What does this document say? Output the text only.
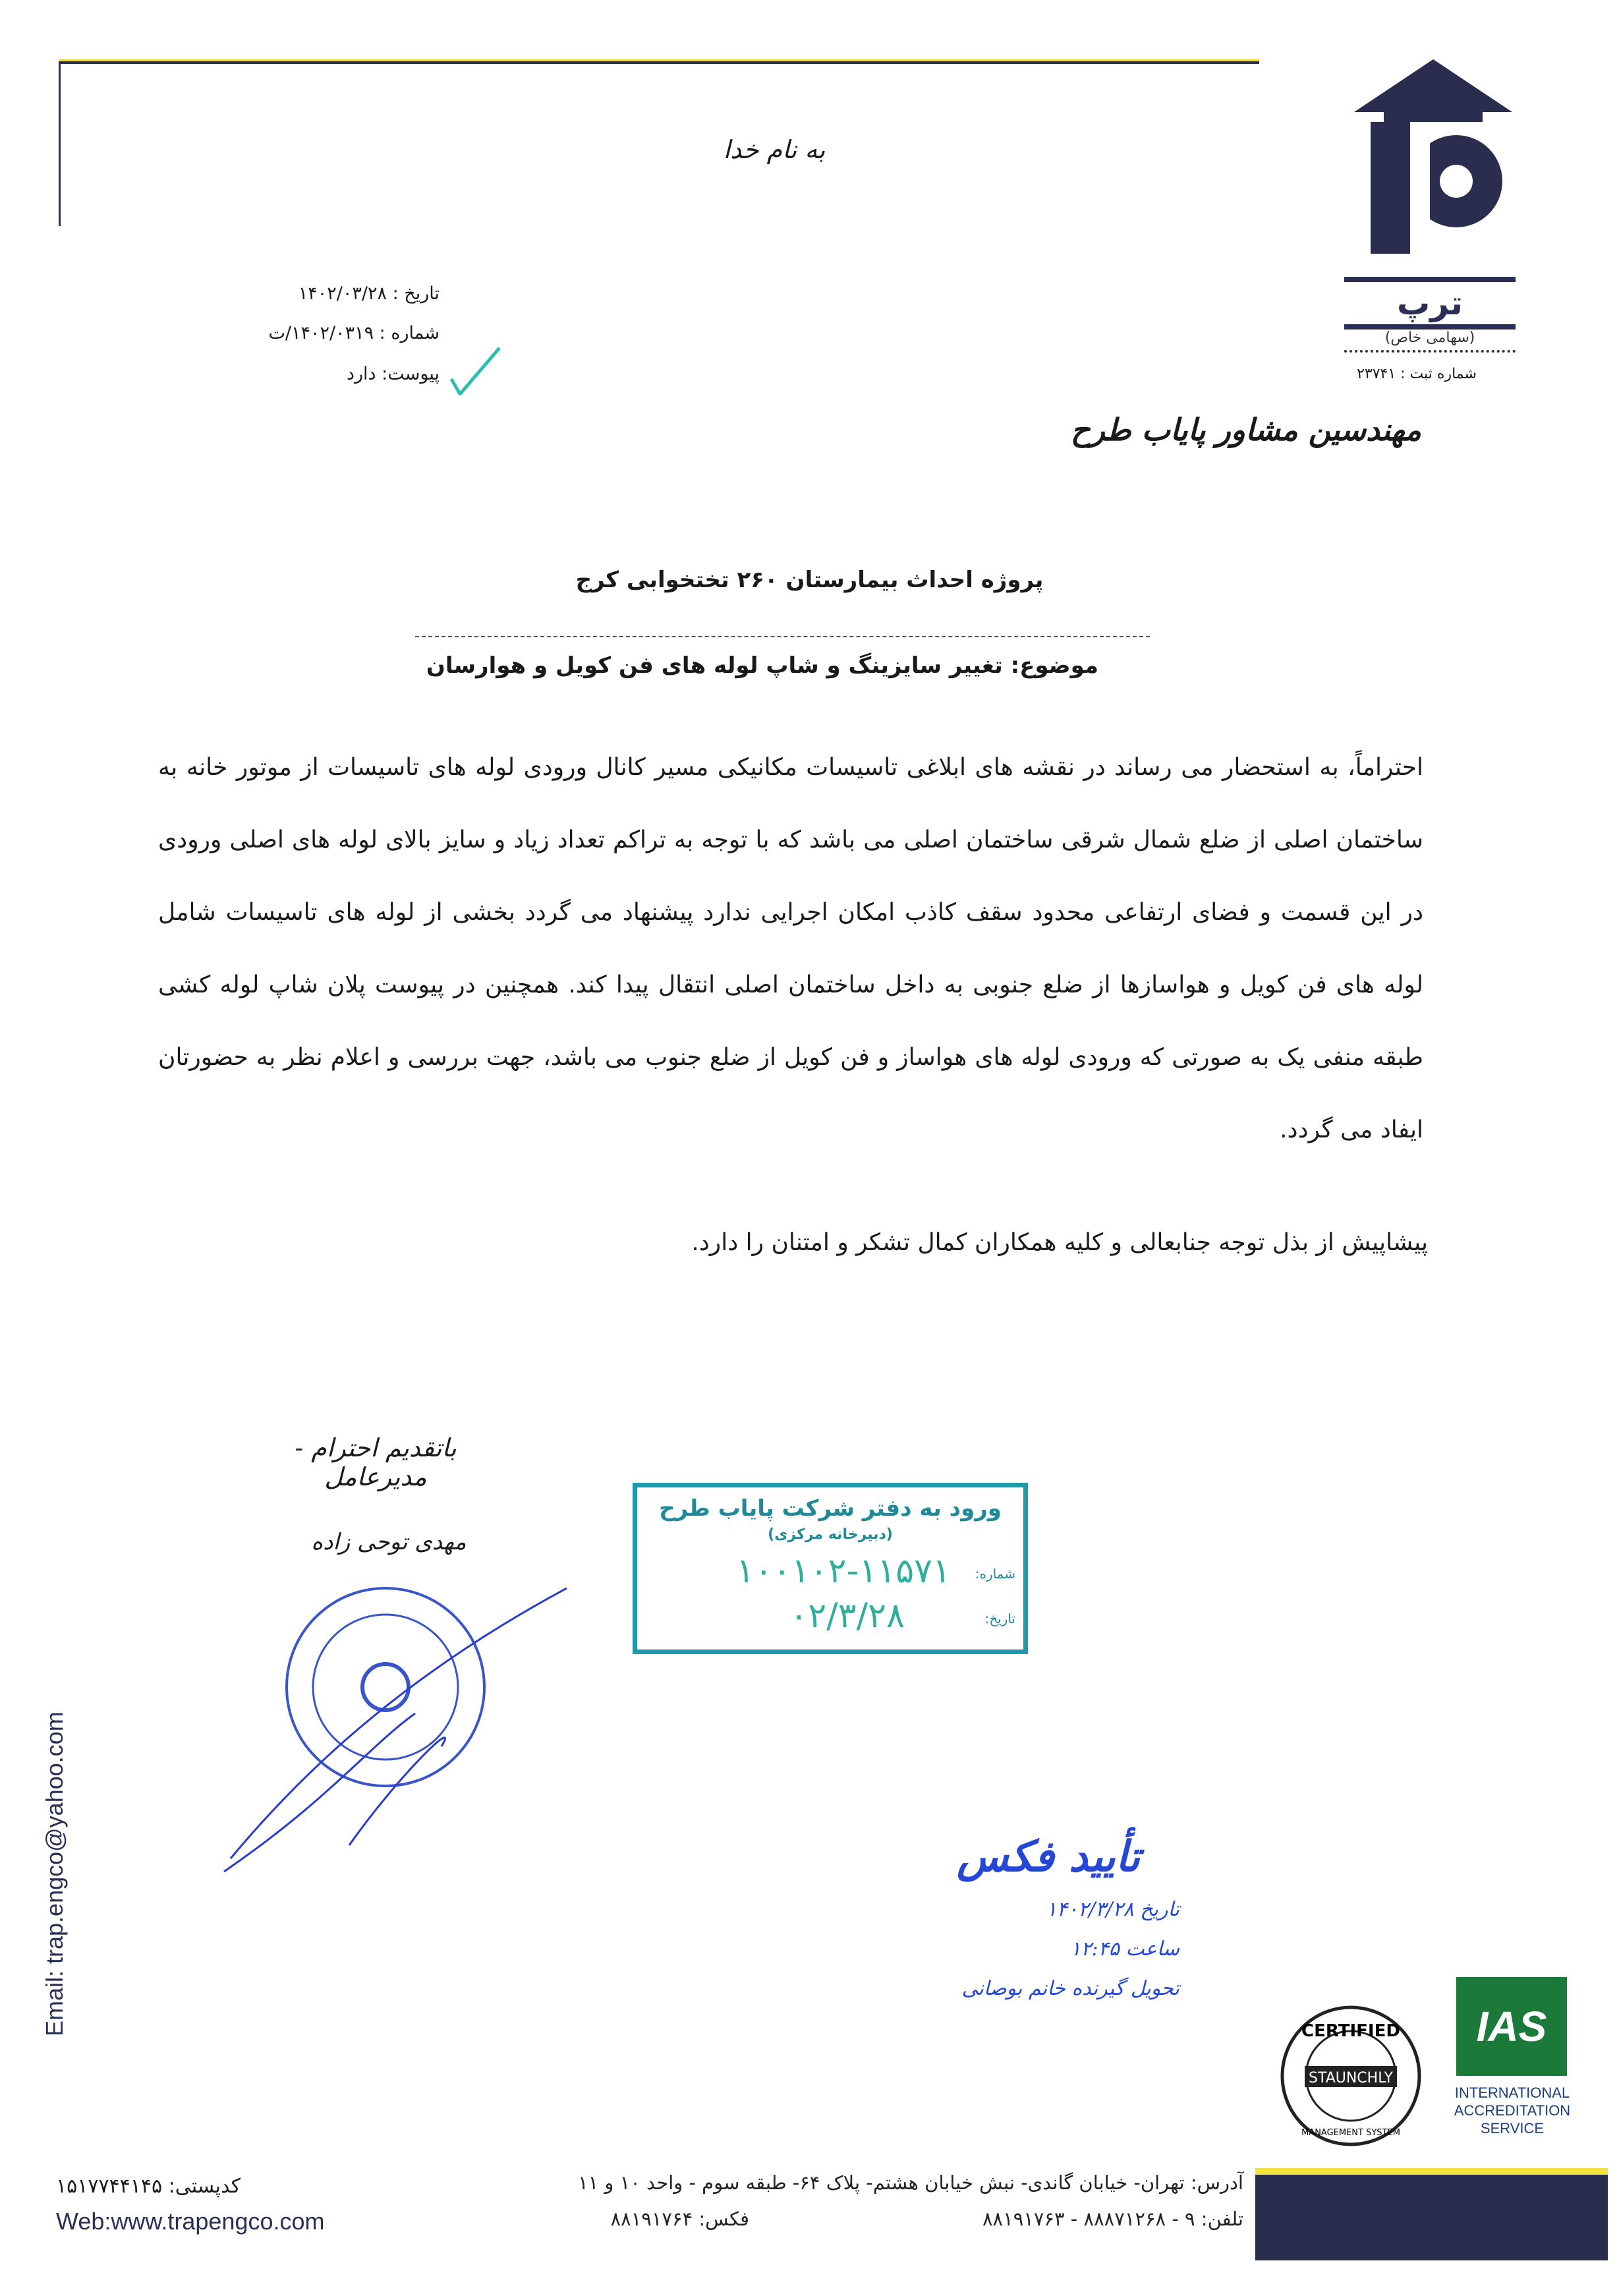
ترپ
(سهامی خاص)
شماره ثبت : ۲۳۷۴۱
به نام خدا
تاریخ : ۱۴۰۲/۰۳/۲۸
شماره : ۱۴۰۲/۰۳۱۹/ت
پیوست: دارد
مهندسین مشاور پایاب طرح
پروژه احداث بیمارستان ۲۶۰ تختخوابی کرج
موضوع: تغییر سایزینگ و شاپ لوله های فن کویل و هوارسان
احتراماً، به استحضار می رساند در نقشه های ابلاغی تاسیسات مکانیکی مسیر کانال ورودی لوله های تاسیسات از موتور خانه به ساختمان اصلی از ضلع شمال شرقی ساختمان اصلی می باشد که با توجه به تراکم تعداد زیاد و سایز بالای لوله های اصلی ورودی در این قسمت و فضای ارتفاعی محدود سقف کاذب امکان اجرایی ندارد پیشنهاد می گردد بخشی از لوله های تاسیسات شامل لوله های فن کویل و هواسازها از ضلع جنوبی به داخل ساختمان اصلی انتقال پیدا کند. همچنین در پیوست پلان شاپ لوله کشی طبقه منفی یک به صورتی که ورودی لوله های هواساز و فن کویل از ضلع جنوب می باشد، جهت بررسی و اعلام نظر به حضورتان ایفاد می گردد.
پیشاپیش از بذل توجه جنابعالی و کلیه همکاران کمال تشکر و امتنان را دارد.
باتقدیم احترام - مدیرعامل
مهدی توحی زاده
ورود به دفتر شرکت پایاب طرح
(دبیرخانه مرکزی)
شماره:
۱۰۰۱۰۲-۱۱۵۷۱
تاریخ:
۰۲/۳/۲۸
Email: trap.engco@yahoo.com	تأیید فکس
تاریخ ۱۴۰۲/۳/۲۸
ساعت ۱۲:۴۵
تحویل گیرنده خانم بوصانی
CERTIFIED
STAUNCHLY
MANAGEMENT SYSTEM
IAS
INTERNATIONAL
ACCREDITATION
SERVICE
آدرس: تهران- خیابان گاندی- نبش خیابان هشتم- پلاک ۶۴- طبقه سوم - واحد ۱۰ و ۱۱
تلفن: ۹ - ۸۸۸۷۱۲۶۸ - ۸۸۱۹۱۷۶۳
فکس: ۸۸۱۹۱۷۶۴
کدپستی: ۱۵۱۷۷۴۴۱۴۵
Web:www.trapengco.com
